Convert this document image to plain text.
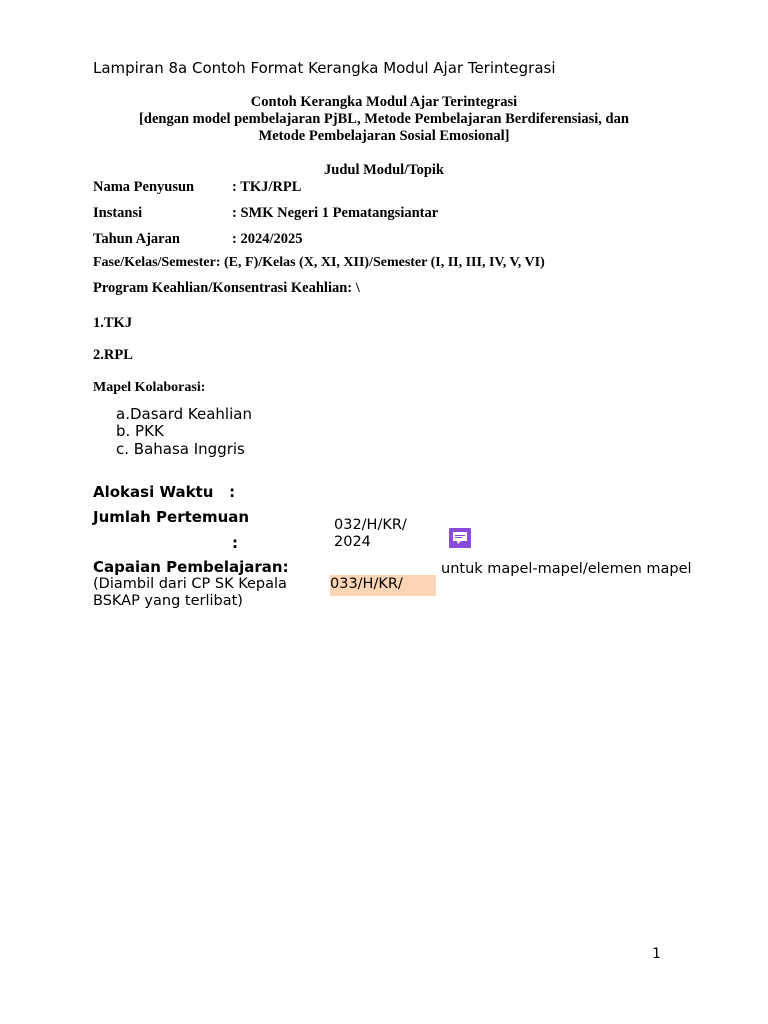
Lampiran 8a Contoh Format Kerangka Modul Ajar Terintegrasi
Contoh Kerangka Modul Ajar Terintegrasi
[dengan model pembelajaran PjBL, Metode Pembelajaran Berdiferensiasi, dan
Metode Pembelajaran Sosial Emosional]
Judul Modul/Topik
Nama Penyusun	: TKJ/RPL
Instansi	: SMK Negeri 1 Pematangsiantar
Tahun Ajaran	: 2024/2025
Fase/Kelas/Semester: (E, F)/Kelas (X, XI, XII)/Semester (I, II, III, IV, V, VI)
Program Keahlian/Konsentrasi Keahlian: \
1.TKJ
2.RPL
Mapel Kolaborasi:
a.Dasard Keahlian
b. PKK
c. Bahasa Inggris
Alokasi Waktu   :
Jumlah Pertemuan
:
032/H/KR/
2024
Capaian Pembelajaran:
(Diambil dari CP SK Kepala
BSKAP yang terlibat)
033/H/KR/
untuk mapel-mapel/elemen mapel
1
